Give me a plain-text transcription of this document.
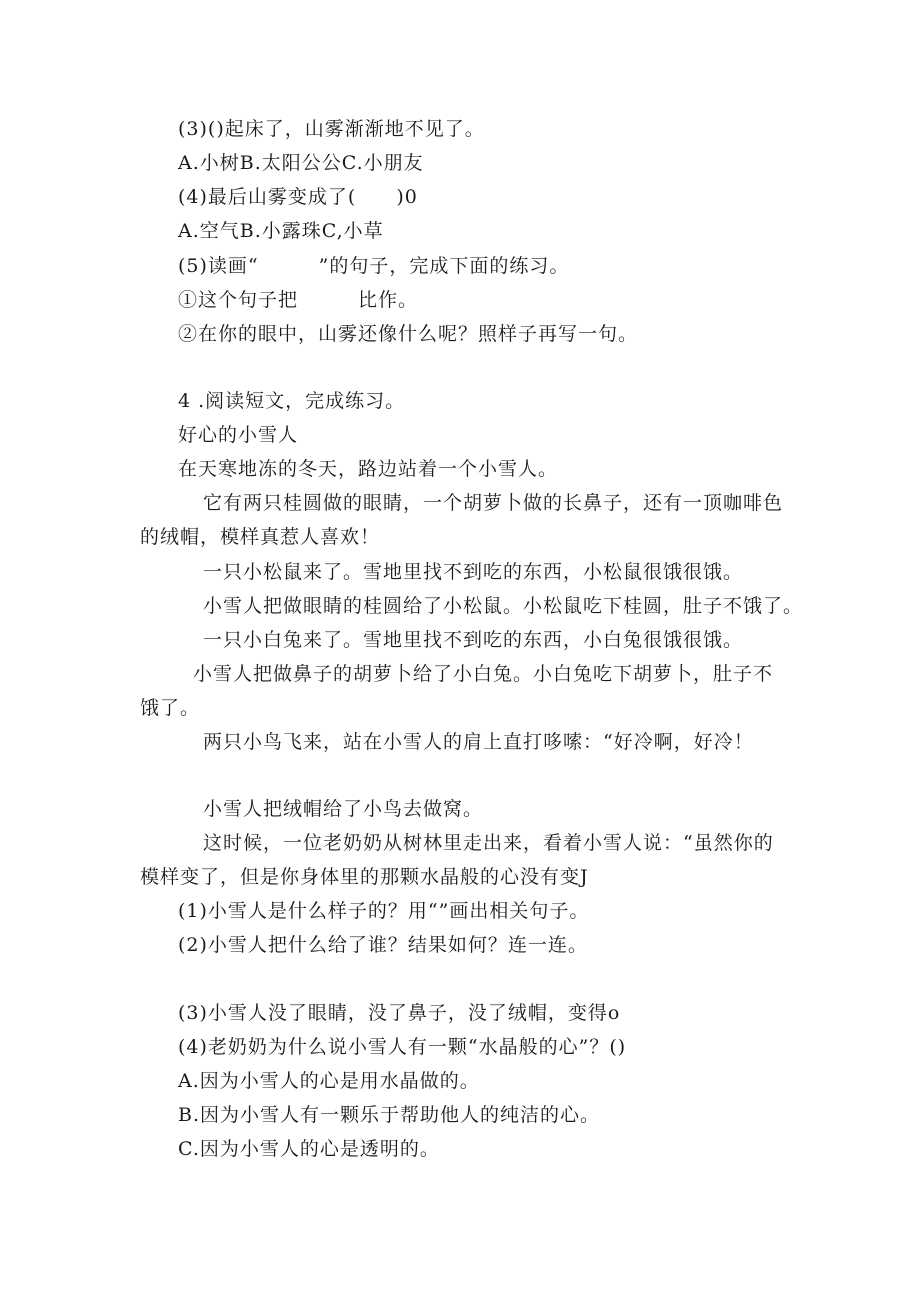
(3)()起床了，山雾渐渐地不见了。
A.小树B.太阳公公C.小朋友
(4)最后山雾变成了(　　)0
A.空气B.小露珠C,小草
(5)读画“　　　”的句子，完成下面的练习。
①这个句子把　　　比作。
②在你的眼中，山雾还像什么呢？照样子再写一句。
4 .阅读短文，完成练习。
好心的小雪人
在天寒地冻的冬天，路边站着一个小雪人。
它有两只桂圆做的眼睛，一个胡萝卜做的长鼻子，还有一顶咖啡色
的绒帽，模样真惹人喜欢！
一只小松鼠来了。雪地里找不到吃的东西，小松鼠很饿很饿。
小雪人把做眼睛的桂圆给了小松鼠。小松鼠吃下桂圆，肚子不饿了。
一只小白兔来了。雪地里找不到吃的东西，小白兔很饿很饿。
小雪人把做鼻子的胡萝卜给了小白兔。小白兔吃下胡萝卜，肚子不
饿了。
两只小鸟飞来，站在小雪人的肩上直打哆嗦：“好冷啊，好冷！
小雪人把绒帽给了小鸟去做窝。
这时候，一位老奶奶从树林里走出来，看着小雪人说：“虽然你的
模样变了，但是你身体里的那颗水晶般的心没有变J
(1)小雪人是什么样子的？用“”画出相关句子。
(2)小雪人把什么给了谁？结果如何？连一连。
(3)小雪人没了眼睛，没了鼻子，没了绒帽，变得o
(4)老奶奶为什么说小雪人有一颗“水晶般的心”？()
A.因为小雪人的心是用水晶做的。
B.因为小雪人有一颗乐于帮助他人的纯洁的心。
C.因为小雪人的心是透明的。
